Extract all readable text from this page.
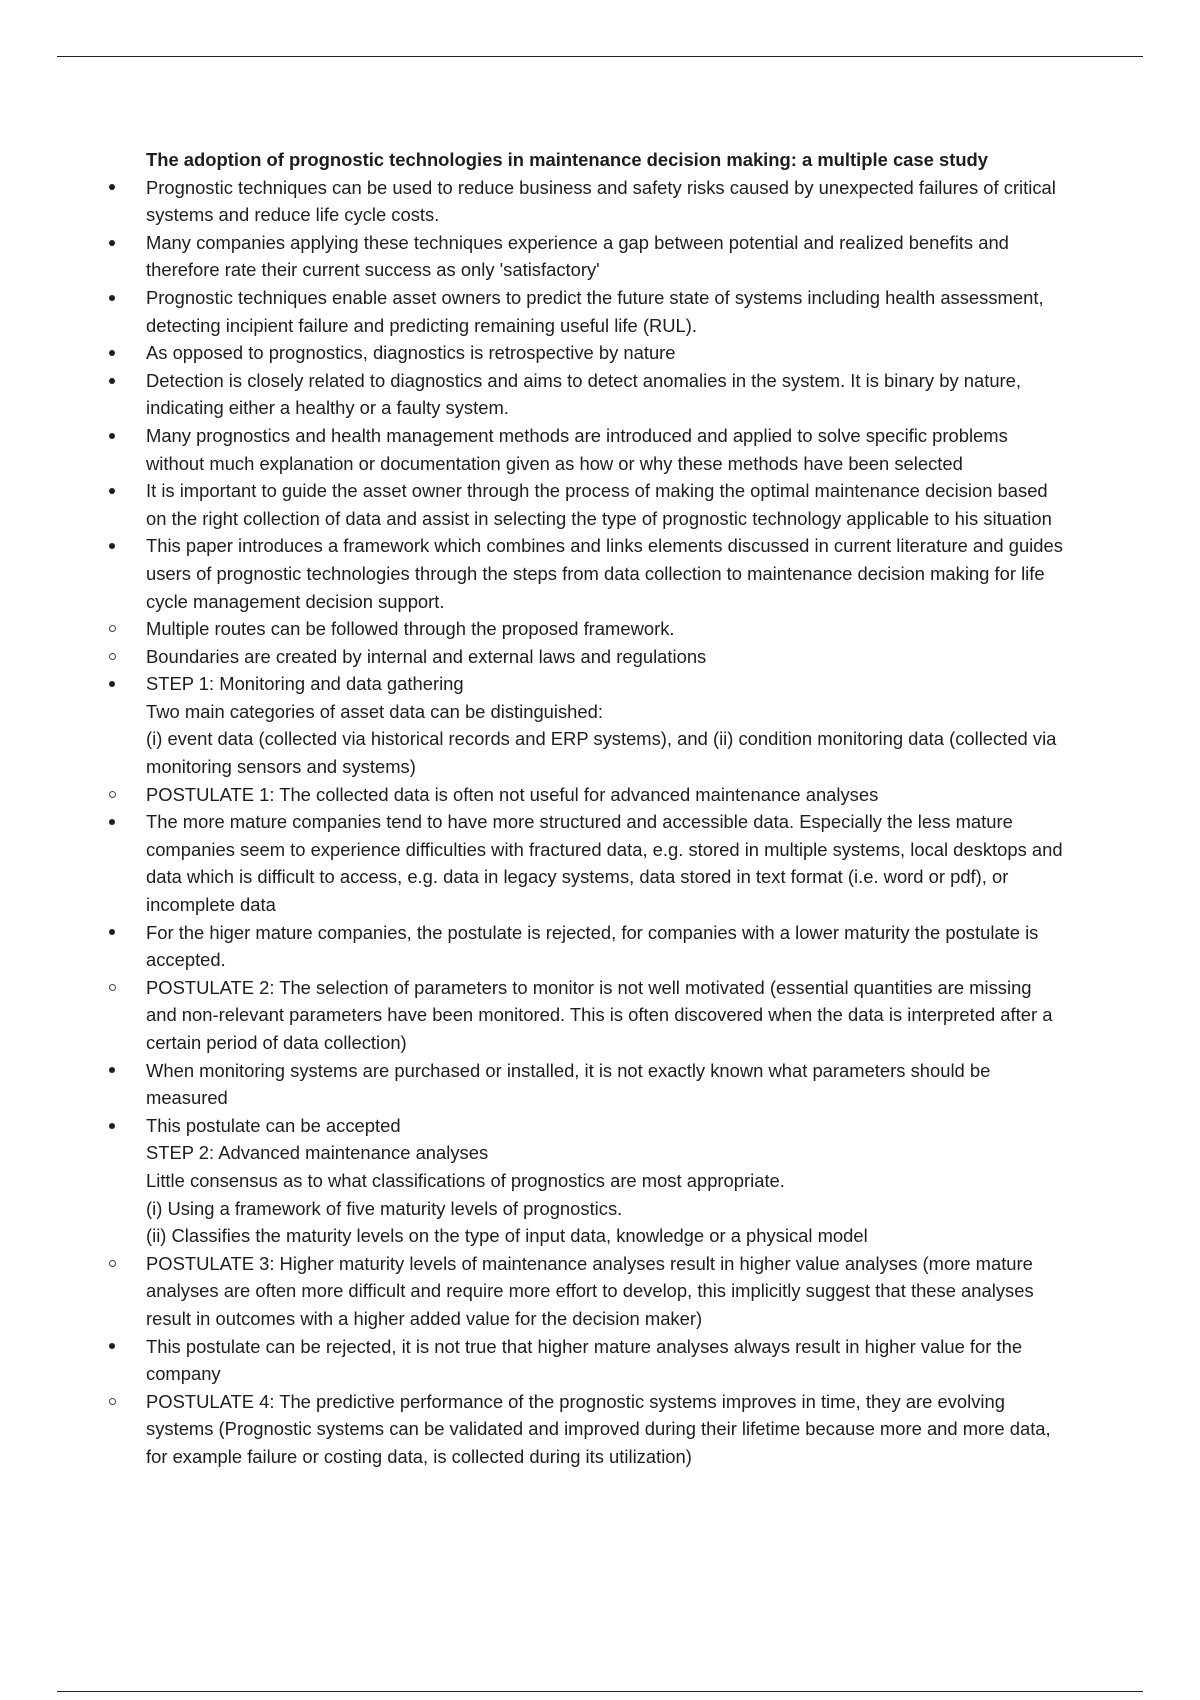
The adoption of prognostic technologies in maintenance decision making: a multiple case study
Prognostic techniques can be used to reduce business and safety risks caused by unexpected failures of critical systems and reduce life cycle costs.
Many companies applying these techniques experience a gap between potential and realized benefits and therefore rate their current success as only 'satisfactory'
Prognostic techniques enable asset owners to predict the future state of systems including health assessment, detecting incipient failure and predicting remaining useful life (RUL).
As opposed to prognostics, diagnostics is retrospective by nature
Detection is closely related to diagnostics and aims to detect anomalies in the system. It is binary by nature, indicating either a healthy or a faulty system.
Many prognostics and health management methods are introduced and applied to solve specific problems without much explanation or documentation given as how or why these methods have been selected
It is important to guide the asset owner through the process of making the optimal maintenance decision based on the right collection of data and assist in selecting the type of prognostic technology applicable to his situation
This paper introduces a framework which combines and links elements discussed in current literature and guides users of prognostic technologies through the steps from data collection to maintenance decision making for life cycle management decision support.
Multiple routes can be followed through the proposed framework.
Boundaries are created by internal and external laws and regulations
STEP 1: Monitoring and data gathering
Two main categories of asset data can be distinguished:
(i) event data (collected via historical records and ERP systems), and (ii) condition monitoring data (collected via monitoring sensors and systems)
POSTULATE 1: The collected data is often not useful for advanced maintenance analyses
The more mature companies tend to have more structured and accessible data. Especially the less mature companies seem to experience difficulties with fractured data, e.g. stored in multiple systems, local desktops and data which is difficult to access, e.g. data in legacy systems, data stored in text format (i.e. word or pdf), or incomplete data
For the higer mature companies, the postulate is rejected, for companies with a lower maturity the postulate is accepted.
POSTULATE 2: The selection of parameters to monitor is not well motivated (essential quantities are missing and non-relevant parameters have been monitored. This is often discovered when the data is interpreted after a certain period of data collection)
When monitoring systems are purchased or installed, it is not exactly known what parameters should be measured
This postulate can be accepted
STEP 2: Advanced maintenance analyses
Little consensus as to what classifications of prognostics are most appropriate.
(i) Using a framework of five maturity levels of prognostics.
(ii) Classifies the maturity levels on the type of input data, knowledge or a physical model
POSTULATE 3: Higher maturity levels of maintenance analyses result in higher value analyses (more mature analyses are often more difficult and require more effort to develop, this implicitly suggest that these analyses result in outcomes with a higher added value for the decision maker)
This postulate can be rejected, it is not true that higher mature analyses always result in higher value for the company
POSTULATE 4: The predictive performance of the prognostic systems improves in time, they are evolving systems (Prognostic systems can be validated and improved during their lifetime because more and more data, for example failure or costing data, is collected during its utilization)
